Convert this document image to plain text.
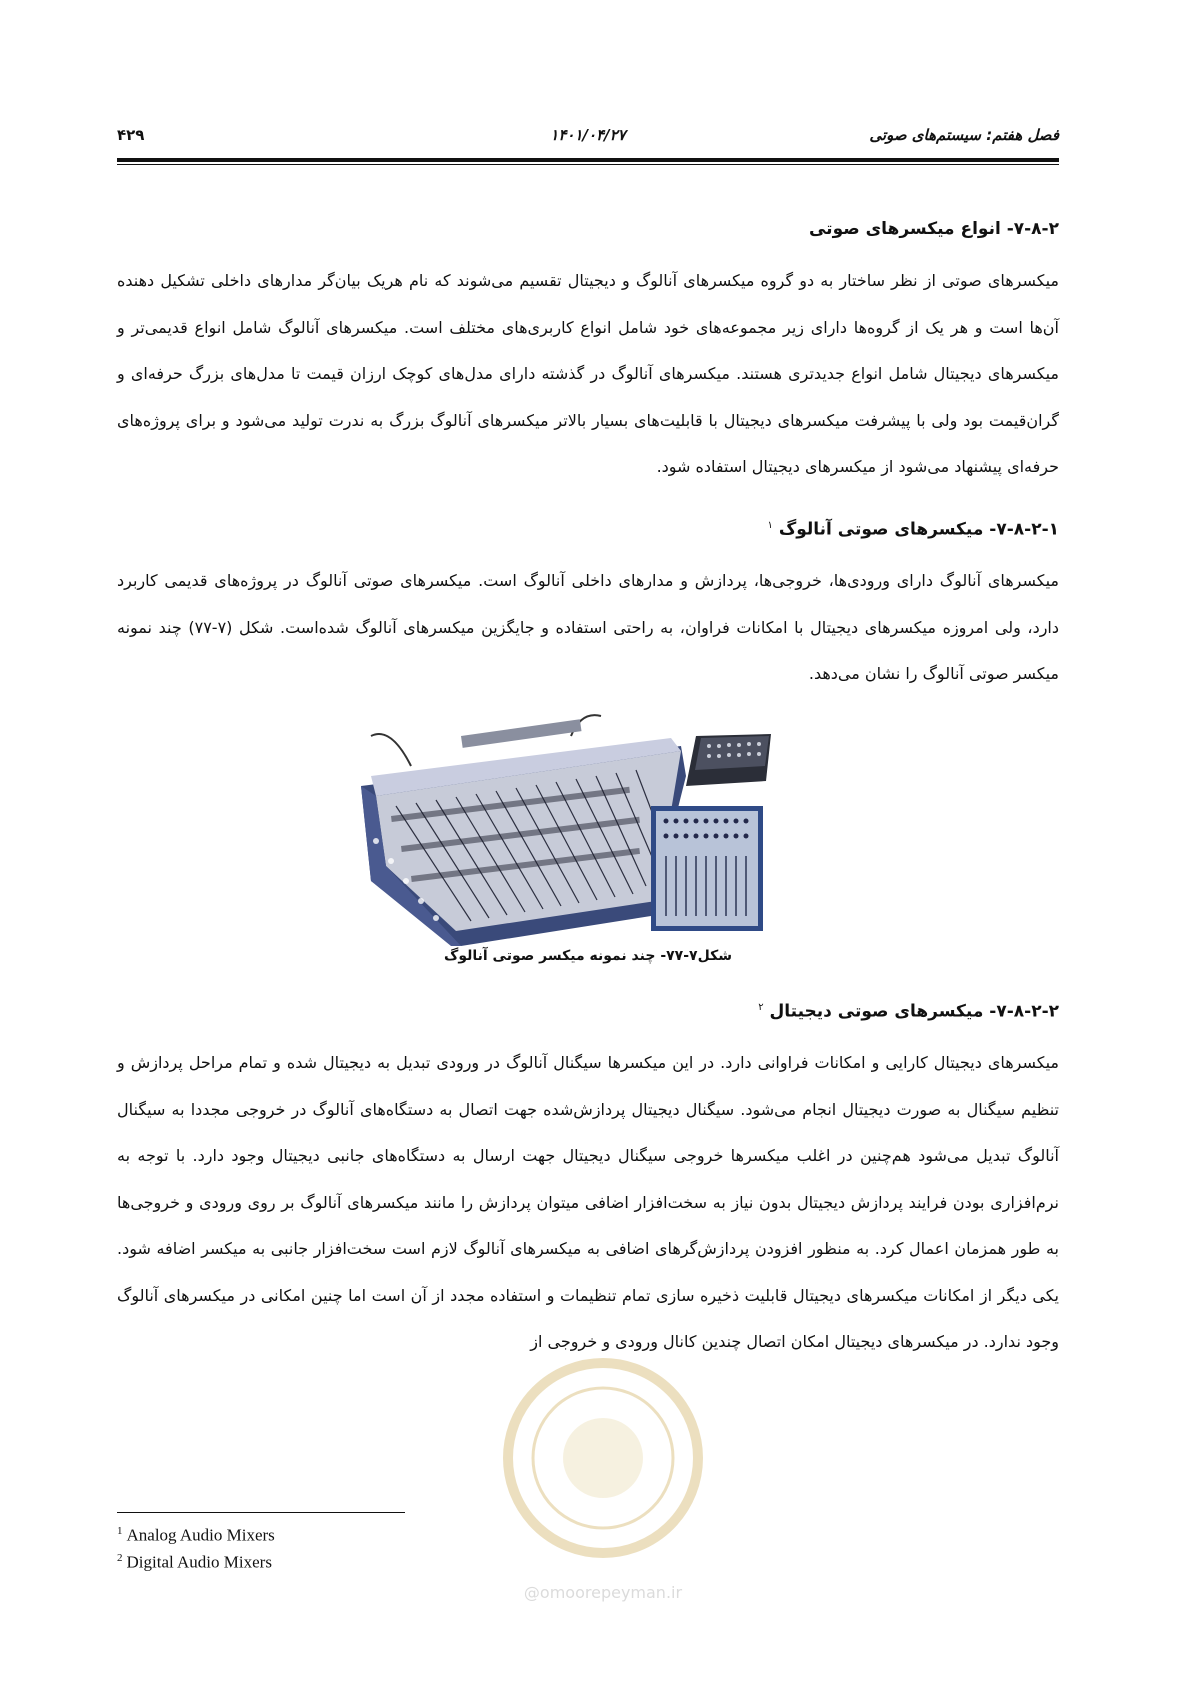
فصل هفتم: سیستم‌های صوتی
۱۴۰۱/۰۴/۲۷
۴۲۹
۷-۸-۲- انواع میکسرهای صوتی

میکسرهای صوتی از نظر ساختار به دو گروه میکسرهای آنالوگ و دیجیتال تقسیم می‌شوند که نام هریک بیان‌گر مدارهای داخلی تشکیل دهنده آن‌ها است و هر یک از گروه‌ها دارای زیر مجموعه‌های خود شامل انواع کاربری‌های مختلف است. میکسرهای آنالوگ شامل انواع قدیمی‌تر و میکسرهای دیجیتال شامل انواع جدیدتری هستند. میکسرهای آنالوگ در گذشته دارای مدل‌های کوچک ارزان قیمت تا مدل‌های بزرگ حرفه‌ای و گران‌قیمت بود ولی با پیشرفت میکسرهای دیجیتال با قابلیت‌های بسیار بالاتر میکسرهای آنالوگ بزرگ به ندرت تولید می‌شود و برای پروژه‌های حرفه‌ای پیشنهاد می‌شود از میکسرهای دیجیتال استفاده شود.

۷-۸-۲-۱- میکسرهای صوتی آنالوگ $^۱$

میکسرهای آنالوگ دارای ورودی‌ها، خروجی‌ها، پردازش و مدارهای داخلی آنالوگ است. میکسرهای صوتی آنالوگ در پروژه‌های قدیمی کاربرد دارد، ولی امروزه میکسرهای دیجیتال با امکانات فراوان، به راحتی استفاده و جایگزین میکسرهای آنالوگ شده‌است. شکل (۷-۷۷) چند نمونه میکسر صوتی آنالوگ را نشان می‌دهد.

شکل۷-۷۷- چند نمونه میکسر صوتی آنالوگ
۷-۸-۲-۲- میکسرهای صوتی دیجیتال $^۲$

میکسرهای دیجیتال کارایی و امکانات فراوانی دارد. در این میکسرها سیگنال آنالوگ در ورودی تبدیل به دیجیتال شده و تمام مراحل پردازش و تنظیم سیگنال به صورت دیجیتال انجام می‌شود. سیگنال دیجیتال پردازش‌شده جهت اتصال به دستگاه‌های آنالوگ در خروجی مجددا به سیگنال آنالوگ تبدیل می‌شود هم‌چنین در اغلب میکسرها خروجی سیگنال دیجیتال جهت ارسال به دستگاه‌های جانبی دیجیتال وجود دارد. با توجه به نرم‌افزاری بودن فرایند پردازش دیجیتال بدون نیاز به سخت‌افزار اضافی میتوان پردازش را مانند میکسرهای آنالوگ بر روی ورودی و خروجی‌ها به طور همزمان اعمال کرد. به منظور افزودن پردازش‌گرهای اضافی به میکسرهای آنالوگ لازم است سخت‌افزار جانبی به میکسر اضافه شود. یکی دیگر از امکانات میکسرهای دیجیتال قابلیت ذخیره سازی تمام تنظیمات و استفاده مجدد از آن است اما چنین امکانی در میکسرهای آنالوگ وجود ندارد. در میکسرهای دیجیتال امکان اتصال چندین کانال ورودی و خروجی از

@omoorepeyman.ir
$^1$ Analog Audio Mixers
$^2$ Digital Audio Mixers
